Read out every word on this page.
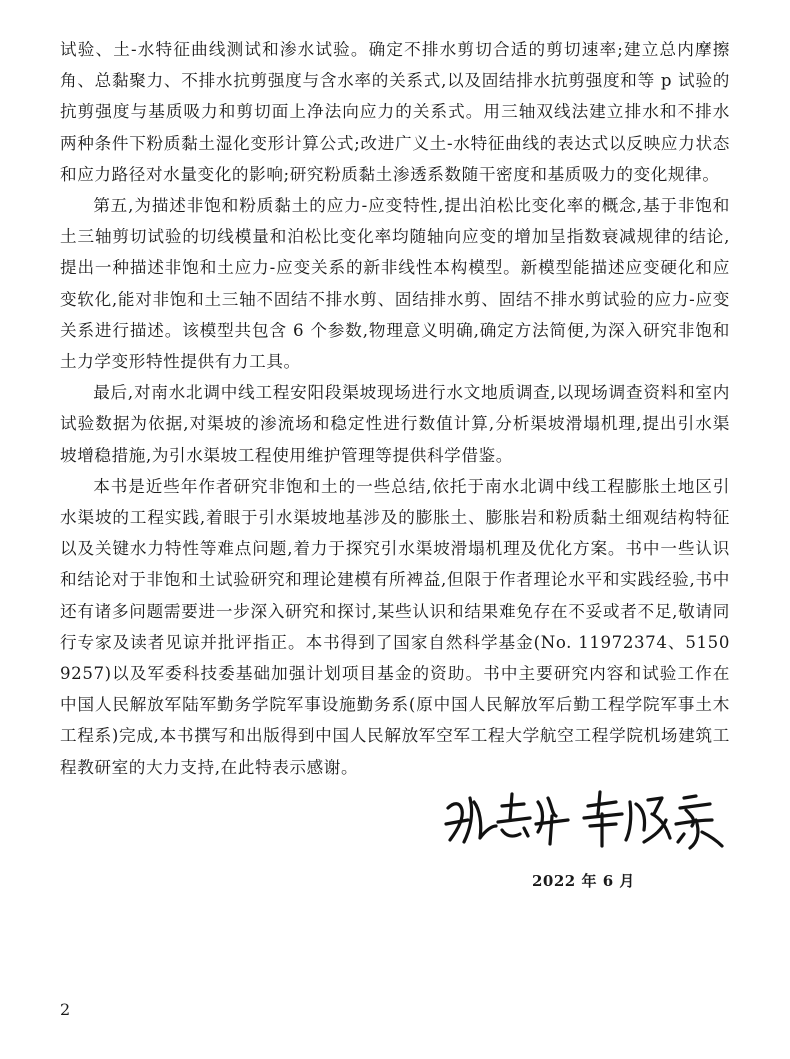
试验、土-水特征曲线测试和渗水试验。确定不排水剪切合适的剪切速率;建立总内摩擦角、总黏聚力、不排水抗剪强度与含水率的关系式,以及固结排水抗剪强度和等 p 试验的抗剪强度与基质吸力和剪切面上净法向应力的关系式。用三轴双线法建立排水和不排水两种条件下粉质黏土湿化变形计算公式;改进广义土-水特征曲线的表达式以反映应力状态和应力路径对水量变化的影响;研究粉质黏土渗透系数随干密度和基质吸力的变化规律。

第五,为描述非饱和粉质黏土的应力-应变特性,提出泊松比变化率的概念,基于非饱和土三轴剪切试验的切线模量和泊松比变化率均随轴向应变的增加呈指数衰减规律的结论,提出一种描述非饱和土应力-应变关系的新非线性本构模型。新模型能描述应变硬化和应变软化,能对非饱和土三轴不固结不排水剪、固结排水剪、固结不排水剪试验的应力-应变关系进行描述。该模型共包含 6 个参数,物理意义明确,确定方法简便,为深入研究非饱和土力学变形特性提供有力工具。

最后,对南水北调中线工程安阳段渠坡现场进行水文地质调查,以现场调查资料和室内试验数据为依据,对渠坡的渗流场和稳定性进行数值计算,分析渠坡滑塌机理,提出引水渠坡增稳措施,为引水渠坡工程使用维护管理等提供科学借鉴。

本书是近些年作者研究非饱和土的一些总结,依托于南水北调中线工程膨胀土地区引水渠坡的工程实践,着眼于引水渠坡地基涉及的膨胀土、膨胀岩和粉质黏土细观结构特征以及关键水力特性等难点问题,着力于探究引水渠坡滑塌机理及优化方案。书中一些认识和结论对于非饱和土试验研究和理论建模有所裨益,但限于作者理论水平和实践经验,书中还有诸多问题需要进一步深入研究和探讨,某些认识和结果难免存在不妥或者不足,敬请同行专家及读者见谅并批评指正。本书得到了国家自然科学基金(No. 11972374、51509257)以及军委科技委基础加强计划项目基金的资助。书中主要研究内容和试验工作在中国人民解放军陆军勤务学院军事设施勤务系(原中国人民解放军后勤工程学院军事土木工程系)完成,本书撰写和出版得到中国人民解放军空军工程大学航空工程学院机场建筑工程教研室的大力支持,在此特表示感谢。

2022 年 6 月
2
